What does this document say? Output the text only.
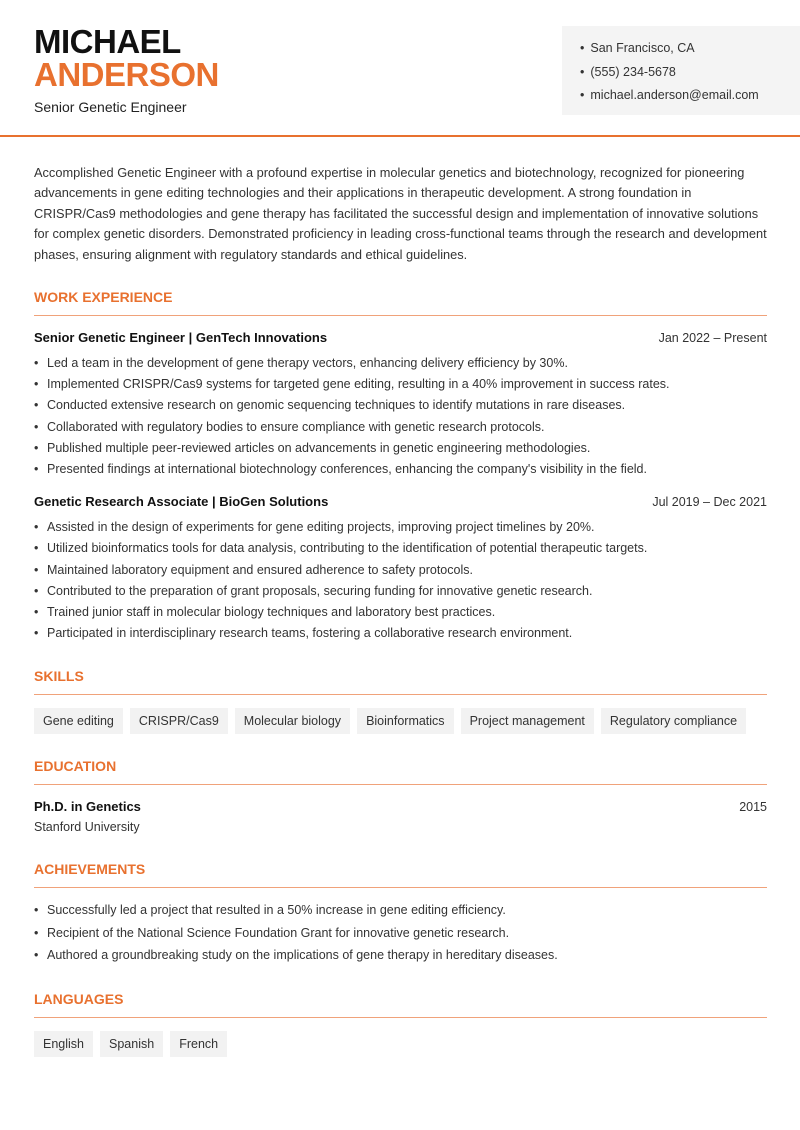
MICHAEL
ANDERSON
Senior Genetic Engineer
• San Francisco, CA
• (555) 234-5678
• michael.anderson@email.com

Accomplished Genetic Engineer with a profound expertise in molecular genetics and biotechnology, recognized for pioneering advancements in gene editing technologies and their applications in therapeutic development. A strong foundation in CRISPR/Cas9 methodologies and gene therapy has facilitated the successful design and implementation of innovative solutions for complex genetic disorders. Demonstrated proficiency in leading cross-functional teams through the research and development phases, ensuring alignment with regulatory standards and ethical guidelines.

WORK EXPERIENCE
Senior Genetic Engineer | GenTech Innovations	Jan 2022 – Present
• Led a team in the development of gene therapy vectors, enhancing delivery efficiency by 30%.
• Implemented CRISPR/Cas9 systems for targeted gene editing, resulting in a 40% improvement in success rates.
• Conducted extensive research on genomic sequencing techniques to identify mutations in rare diseases.
• Collaborated with regulatory bodies to ensure compliance with genetic research protocols.
• Published multiple peer-reviewed articles on advancements in genetic engineering methodologies.
• Presented findings at international biotechnology conferences, enhancing the company's visibility in the field.
Genetic Research Associate | BioGen Solutions	Jul 2019 – Dec 2021
• Assisted in the design of experiments for gene editing projects, improving project timelines by 20%.
• Utilized bioinformatics tools for data analysis, contributing to the identification of potential therapeutic targets.
• Maintained laboratory equipment and ensured adherence to safety protocols.
• Contributed to the preparation of grant proposals, securing funding for innovative genetic research.
• Trained junior staff in molecular biology techniques and laboratory best practices.
• Participated in interdisciplinary research teams, fostering a collaborative research environment.
SKILLS
Gene editing	CRISPR/Cas9	Molecular biology	Bioinformatics	Project management	Regulatory compliance
EDUCATION
Ph.D. in Genetics	2015
Stanford University
ACHIEVEMENTS
• Successfully led a project that resulted in a 50% increase in gene editing efficiency.
• Recipient of the National Science Foundation Grant for innovative genetic research.
• Authored a groundbreaking study on the implications of gene therapy in hereditary diseases.
LANGUAGES
English	Spanish	French
